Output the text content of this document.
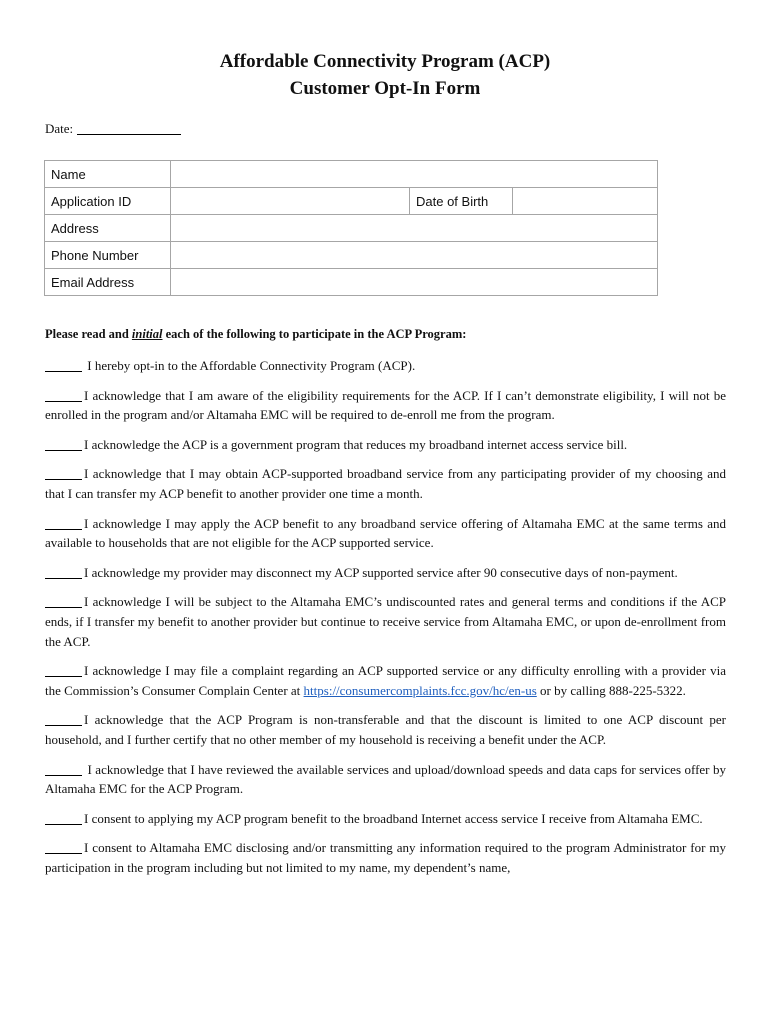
Affordable Connectivity Program (ACP)
Customer Opt-In Form
Date:
Name			
Application ID		Date of Birth	
Address			
Phone Number			
Email Address			
Please read and initial each of the following to participate in the ACP Program:

I hereby opt-in to the Affordable Connectivity Program (ACP).

I acknowledge that I am aware of the eligibility requirements for the ACP. If I can’t demonstrate eligibility, I will not be enrolled in the program and/or Altamaha EMC will be required to de-enroll me from the program.

I acknowledge the ACP is a government program that reduces my broadband internet access service bill.

I acknowledge that I may obtain ACP-supported broadband service from any participating provider of my choosing and that I can transfer my ACP benefit to another provider one time a month.

I acknowledge I may apply the ACP benefit to any broadband service offering of Altamaha EMC at the same terms and available to households that are not eligible for the ACP supported service.

I acknowledge my provider may disconnect my ACP supported service after 90 consecutive days of non-payment.

I acknowledge I will be subject to the Altamaha EMC’s undiscounted rates and general terms and conditions if the ACP ends, if I transfer my benefit to another provider but continue to receive service from Altamaha EMC, or upon de-enrollment from the ACP.

I acknowledge I may file a complaint regarding an ACP supported service or any difficulty enrolling with a provider via the Commission’s Consumer Complain Center at https://consumercomplaints.fcc.gov/hc/en-us or by calling 888-225-5322.

I acknowledge that the ACP Program is non-transferable and that the discount is limited to one ACP discount per household, and I further certify that no other member of my household is receiving a benefit under the ACP.

I acknowledge that I have reviewed the available services and upload/download speeds and data caps for services offer by Altamaha EMC for the ACP Program.

I consent to applying my ACP program benefit to the broadband Internet access service I receive from Altamaha EMC.

I consent to Altamaha EMC disclosing and/or transmitting any information required to the program Administrator for my participation in the program including but not limited to my name, my dependent’s name,
